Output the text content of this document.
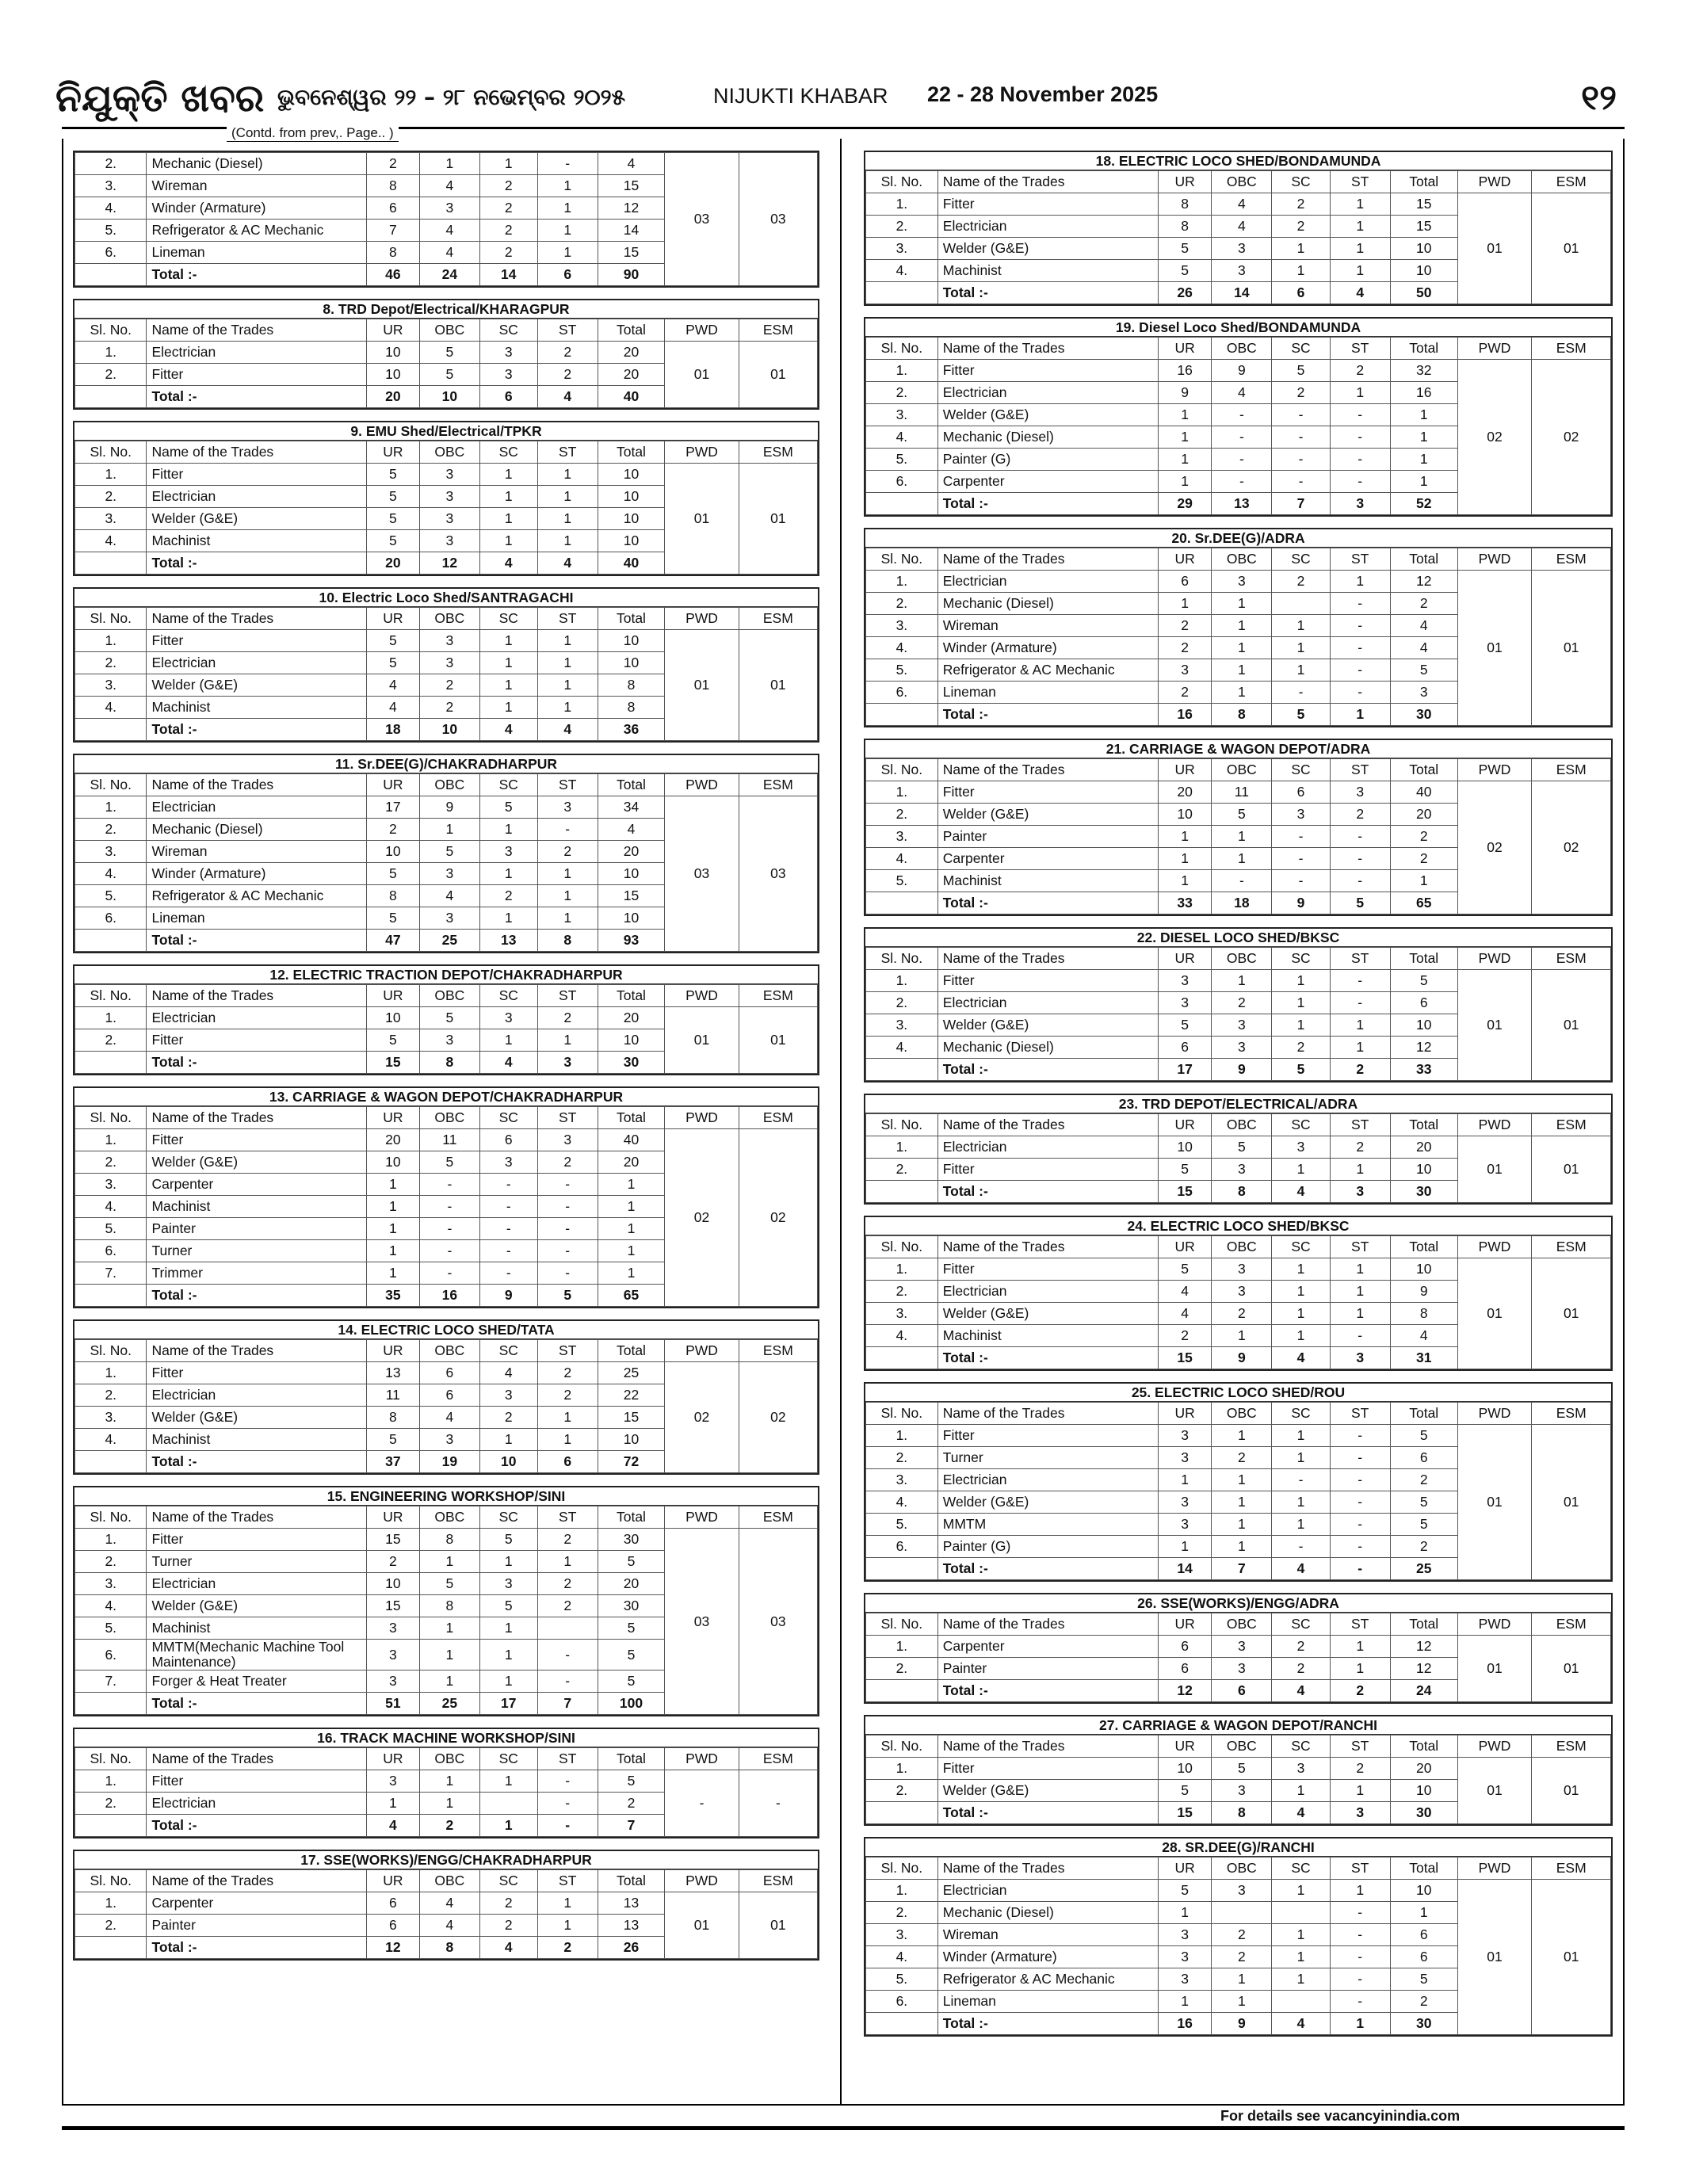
ନିଯୁକ୍ତି ଖବର ଭୁବନେଶ୍ୱର ୨୨ – ୨୮ ନଭେମ୍ବର ୨୦୨୫	NIJUKTI KHABAR 22 - 28 November 2025	୧୨
(Contd. from prev,. Page.. )
2.	Mechanic (Diesel)	2	1	1	-	4	03	03
3.	Wireman	8	4	2	1	15		
4.	Winder (Armature)	6	3	2	1	12		
5.	Refrigerator & AC Mechanic	7	4	2	1	14		
6.	Lineman	8	4	2	1	15		
	Total :-	46	24	14	6	90		
8. TRD Depot/Electrical/KHARAGPUR
Sl. No.	Name of the Trades	UR	OBC	SC	ST	Total	PWD	ESM
1.	Electrician	10	5	3	2	20	01	01
2.	Fitter	10	5	3	2	20		
	Total :-	20	10	6	4	40		
9. EMU Shed/Electrical/TPKR
Sl. No.	Name of the Trades	UR	OBC	SC	ST	Total	PWD	ESM
1.	Fitter	5	3	1	1	10	01	01
2.	Electrician	5	3	1	1	10		
3.	Welder (G&E)	5	3	1	1	10		
4.	Machinist	5	3	1	1	10		
	Total :-	20	12	4	4	40		
10. Electric Loco Shed/SANTRAGACHI
Sl. No.	Name of the Trades	UR	OBC	SC	ST	Total	PWD	ESM
1.	Fitter	5	3	1	1	10	01	01
2.	Electrician	5	3	1	1	10		
3.	Welder (G&E)	4	2	1	1	8		
4.	Machinist	4	2	1	1	8		
	Total :-	18	10	4	4	36		
11. Sr.DEE(G)/CHAKRADHARPUR
Sl. No.	Name of the Trades	UR	OBC	SC	ST	Total	PWD	ESM
1.	Electrician	17	9	5	3	34	03	03
2.	Mechanic (Diesel)	2	1	1	-	4		
3.	Wireman	10	5	3	2	20		
4.	Winder (Armature)	5	3	1	1	10		
5.	Refrigerator & AC Mechanic	8	4	2	1	15		
6.	Lineman	5	3	1	1	10		
	Total :-	47	25	13	8	93		
12. ELECTRIC TRACTION DEPOT/CHAKRADHARPUR
Sl. No.	Name of the Trades	UR	OBC	SC	ST	Total	PWD	ESM
1.	Electrician	10	5	3	2	20	01	01
2.	Fitter	5	3	1	1	10		
	Total :-	15	8	4	3	30		
13. CARRIAGE & WAGON DEPOT/CHAKRADHARPUR
Sl. No.	Name of the Trades	UR	OBC	SC	ST	Total	PWD	ESM
1.	Fitter	20	11	6	3	40	02	02
2.	Welder (G&E)	10	5	3	2	20		
3.	Carpenter	1	-	-	-	1		
4.	Machinist	1	-	-	-	1		
5.	Painter	1	-	-	-	1		
6.	Turner	1	-	-	-	1		
7.	Trimmer	1	-	-	-	1		
	Total :-	35	16	9	5	65		
14. ELECTRIC LOCO SHED/TATA
Sl. No.	Name of the Trades	UR	OBC	SC	ST	Total	PWD	ESM
1.	Fitter	13	6	4	2	25	02	02
2.	Electrician	11	6	3	2	22		
3.	Welder (G&E)	8	4	2	1	15		
4.	Machinist	5	3	1	1	10		
	Total :-	37	19	10	6	72		
15. ENGINEERING WORKSHOP/SINI
Sl. No.	Name of the Trades	UR	OBC	SC	ST	Total	PWD	ESM
1.	Fitter	15	8	5	2	30	03	03
2.	Turner	2	1	1	1	5		
3.	Electrician	10	5	3	2	20		
4.	Welder (G&E)	15	8	5	2	30		
5.	Machinist	3	1	1		5		
6.	MMTM(Mechanic Machine Tool Maintenance)	3	1	1	-	5		
7.	Forger & Heat Treater	3	1	1	-	5		
	Total :-	51	25	17	7	100		
16. TRACK MACHINE WORKSHOP/SINI
Sl. No.	Name of the Trades	UR	OBC	SC	ST	Total	PWD	ESM
1.	Fitter	3	1	1	-	5	-	-
2.	Electrician	1	1		-	2		
	Total :-	4	2	1	-	7		
17. SSE(WORKS)/ENGG/CHAKRADHARPUR
Sl. No.	Name of the Trades	UR	OBC	SC	ST	Total	PWD	ESM
1.	Carpenter	6	4	2	1	13	01	01
2.	Painter	6	4	2	1	13		
	Total :-	12	8	4	2	26		
18. ELECTRIC LOCO SHED/BONDAMUNDA
Sl. No.	Name of the Trades	UR	OBC	SC	ST	Total	PWD	ESM
1.	Fitter	8	4	2	1	15	01	01
2.	Electrician	8	4	2	1	15		
3.	Welder (G&E)	5	3	1	1	10		
4.	Machinist	5	3	1	1	10		
	Total :-	26	14	6	4	50		
19. Diesel Loco Shed/BONDAMUNDA
Sl. No.	Name of the Trades	UR	OBC	SC	ST	Total	PWD	ESM
1.	Fitter	16	9	5	2	32	02	02
2.	Electrician	9	4	2	1	16		
3.	Welder (G&E)	1	-	-	-	1		
4.	Mechanic (Diesel)	1	-	-	-	1		
5.	Painter (G)	1	-	-	-	1		
6.	Carpenter	1	-	-	-	1		
	Total :-	29	13	7	3	52		
20. Sr.DEE(G)/ADRA
Sl. No.	Name of the Trades	UR	OBC	SC	ST	Total	PWD	ESM
1.	Electrician	6	3	2	1	12	01	01
2.	Mechanic (Diesel)	1	1		-	2		
3.	Wireman	2	1	1	-	4		
4.	Winder (Armature)	2	1	1	-	4		
5.	Refrigerator & AC Mechanic	3	1	1	-	5		
6.	Lineman	2	1	-	-	3		
	Total :-	16	8	5	1	30		
21. CARRIAGE & WAGON DEPOT/ADRA
Sl. No.	Name of the Trades	UR	OBC	SC	ST	Total	PWD	ESM
1.	Fitter	20	11	6	3	40	02	02
2.	Welder (G&E)	10	5	3	2	20		
3.	Painter	1	1	-	-	2		
4.	Carpenter	1	1	-	-	2		
5.	Machinist	1	-	-	-	1		
	Total :-	33	18	9	5	65		
22. DIESEL LOCO SHED/BKSC
Sl. No.	Name of the Trades	UR	OBC	SC	ST	Total	PWD	ESM
1.	Fitter	3	1	1	-	5	01	01
2.	Electrician	3	2	1	-	6		
3.	Welder (G&E)	5	3	1	1	10		
4.	Mechanic (Diesel)	6	3	2	1	12		
	Total :-	17	9	5	2	33		
23. TRD DEPOT/ELECTRICAL/ADRA
Sl. No.	Name of the Trades	UR	OBC	SC	ST	Total	PWD	ESM
1.	Electrician	10	5	3	2	20	01	01
2.	Fitter	5	3	1	1	10		
	Total :-	15	8	4	3	30		
24. ELECTRIC LOCO SHED/BKSC
Sl. No.	Name of the Trades	UR	OBC	SC	ST	Total	PWD	ESM
1.	Fitter	5	3	1	1	10	01	01
2.	Electrician	4	3	1	1	9		
3.	Welder (G&E)	4	2	1	1	8		
4.	Machinist	2	1	1	-	4		
	Total :-	15	9	4	3	31		
25. ELECTRIC LOCO SHED/ROU
Sl. No.	Name of the Trades	UR	OBC	SC	ST	Total	PWD	ESM
1.	Fitter	3	1	1	-	5	01	01
2.	Turner	3	2	1	-	6		
3.	Electrician	1	1	-	-	2		
4.	Welder (G&E)	3	1	1	-	5		
5.	MMTM	3	1	1	-	5		
6.	Painter (G)	1	1	-	-	2		
	Total :-	14	7	4	-	25		
26. SSE(WORKS)/ENGG/ADRA
Sl. No.	Name of the Trades	UR	OBC	SC	ST	Total	PWD	ESM
1.	Carpenter	6	3	2	1	12	01	01
2.	Painter	6	3	2	1	12		
	Total :-	12	6	4	2	24		
27. CARRIAGE & WAGON DEPOT/RANCHI
Sl. No.	Name of the Trades	UR	OBC	SC	ST	Total	PWD	ESM
1.	Fitter	10	5	3	2	20	01	01
2.	Welder (G&E)	5	3	1	1	10		
	Total :-	15	8	4	3	30		
28. SR.DEE(G)/RANCHI
Sl. No.	Name of the Trades	UR	OBC	SC	ST	Total	PWD	ESM
1.	Electrician	5	3	1	1	10	01	01
2.	Mechanic (Diesel)	1			-	1		
3.	Wireman	3	2	1	-	6		
4.	Winder (Armature)	3	2	1	-	6		
5.	Refrigerator & AC Mechanic	3	1	1	-	5		
6.	Lineman	1	1		-	2		
	Total :-	16	9	4	1	30		
For details see vacancyinindia.com
